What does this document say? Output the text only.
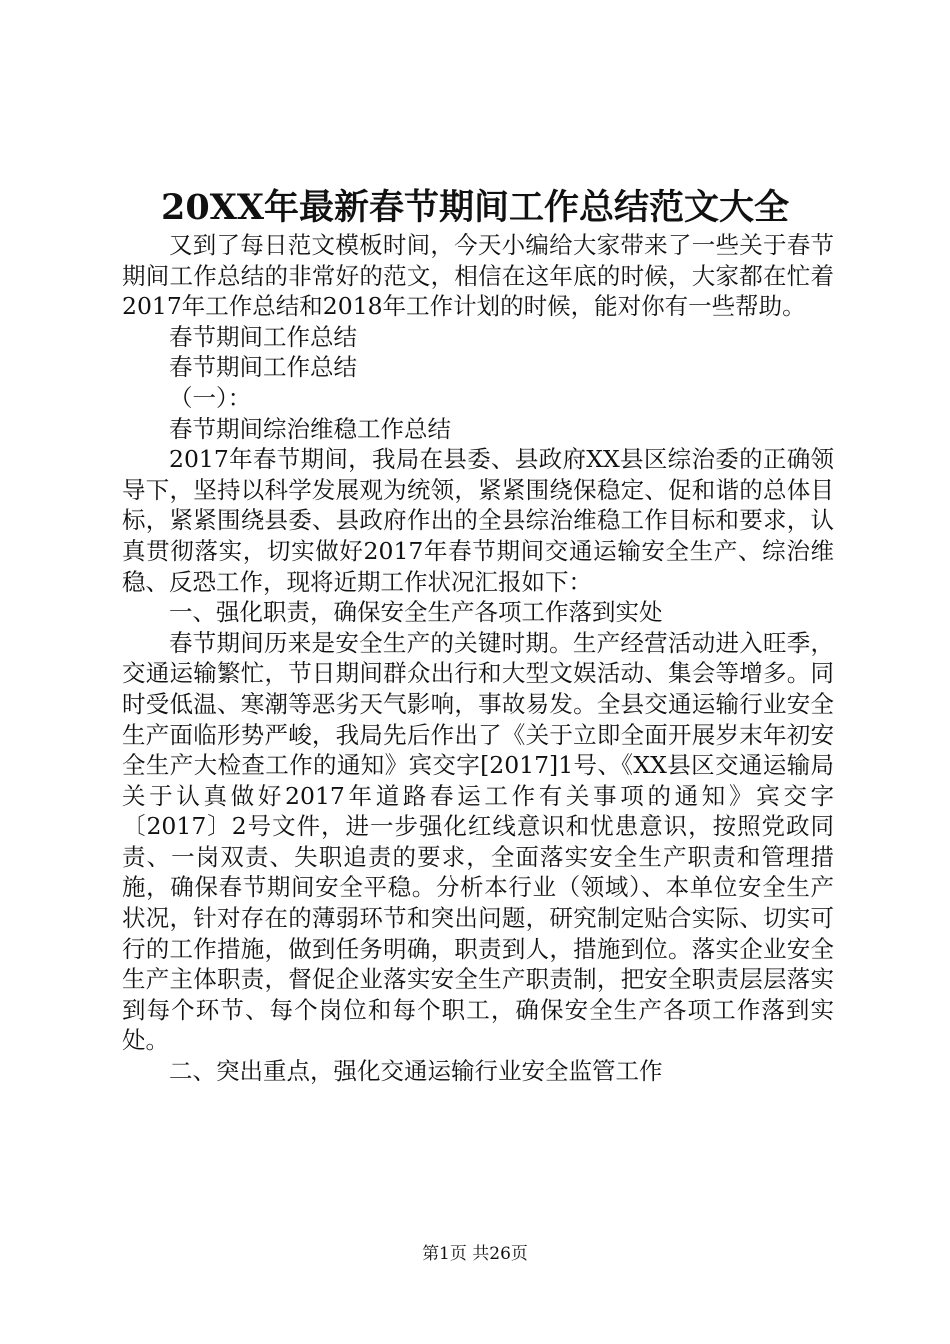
20XX年最新春节期间工作总结范文大全

又到了每日范文模板时间，今天小编给大家带来了一些关于春节期间工作总结的非常好的范文，相信在这年底的时候，大家都在忙着2017年工作总结和2018年工作计划的时候，能对你有一些帮助。

春节期间工作总结

春节期间工作总结

（一）：

春节期间综治维稳工作总结

2017年春节期间，我局在县委、县政府XX县区综治委的正确领导下，坚持以科学发展观为统领，紧紧围绕保稳定、促和谐的总体目标，紧紧围绕县委、县政府作出的全县综治维稳工作目标和要求，认真贯彻落实，切实做好2017年春节期间交通运输安全生产、综治维稳、反恐工作，现将近期工作状况汇报如下：

一、强化职责，确保安全生产各项工作落到实处

春节期间历来是安全生产的关键时期。生产经营活动进入旺季，交通运输繁忙，节日期间群众出行和大型文娱活动、集会等增多。同时受低温、寒潮等恶劣天气影响，事故易发。全县交通运输行业安全生产面临形势严峻，我局先后作出了《关于立即全面开展岁末年初安全生产大检查工作的通知》宾交字[2017]1号、《XX县区交通运输局关于认真做好2017年道路春运工作有关事项的通知》宾交字〔2017〕2号文件，进一步强化红线意识和忧患意识，按照党政同责、一岗双责、失职追责的要求，全面落实安全生产职责和管理措施，确保春节期间安全平稳。分析本行业（领域）、本单位安全生产状况，针对存在的薄弱环节和突出问题，研究制定贴合实际、切实可行的工作措施，做到任务明确，职责到人，措施到位。落实企业安全生产主体职责，督促企业落实安全生产职责制，把安全职责层层落实到每个环节、每个岗位和每个职工，确保安全生产各项工作落到实处。

二、突出重点，强化交通运输行业安全监管工作

第1页 共26页
